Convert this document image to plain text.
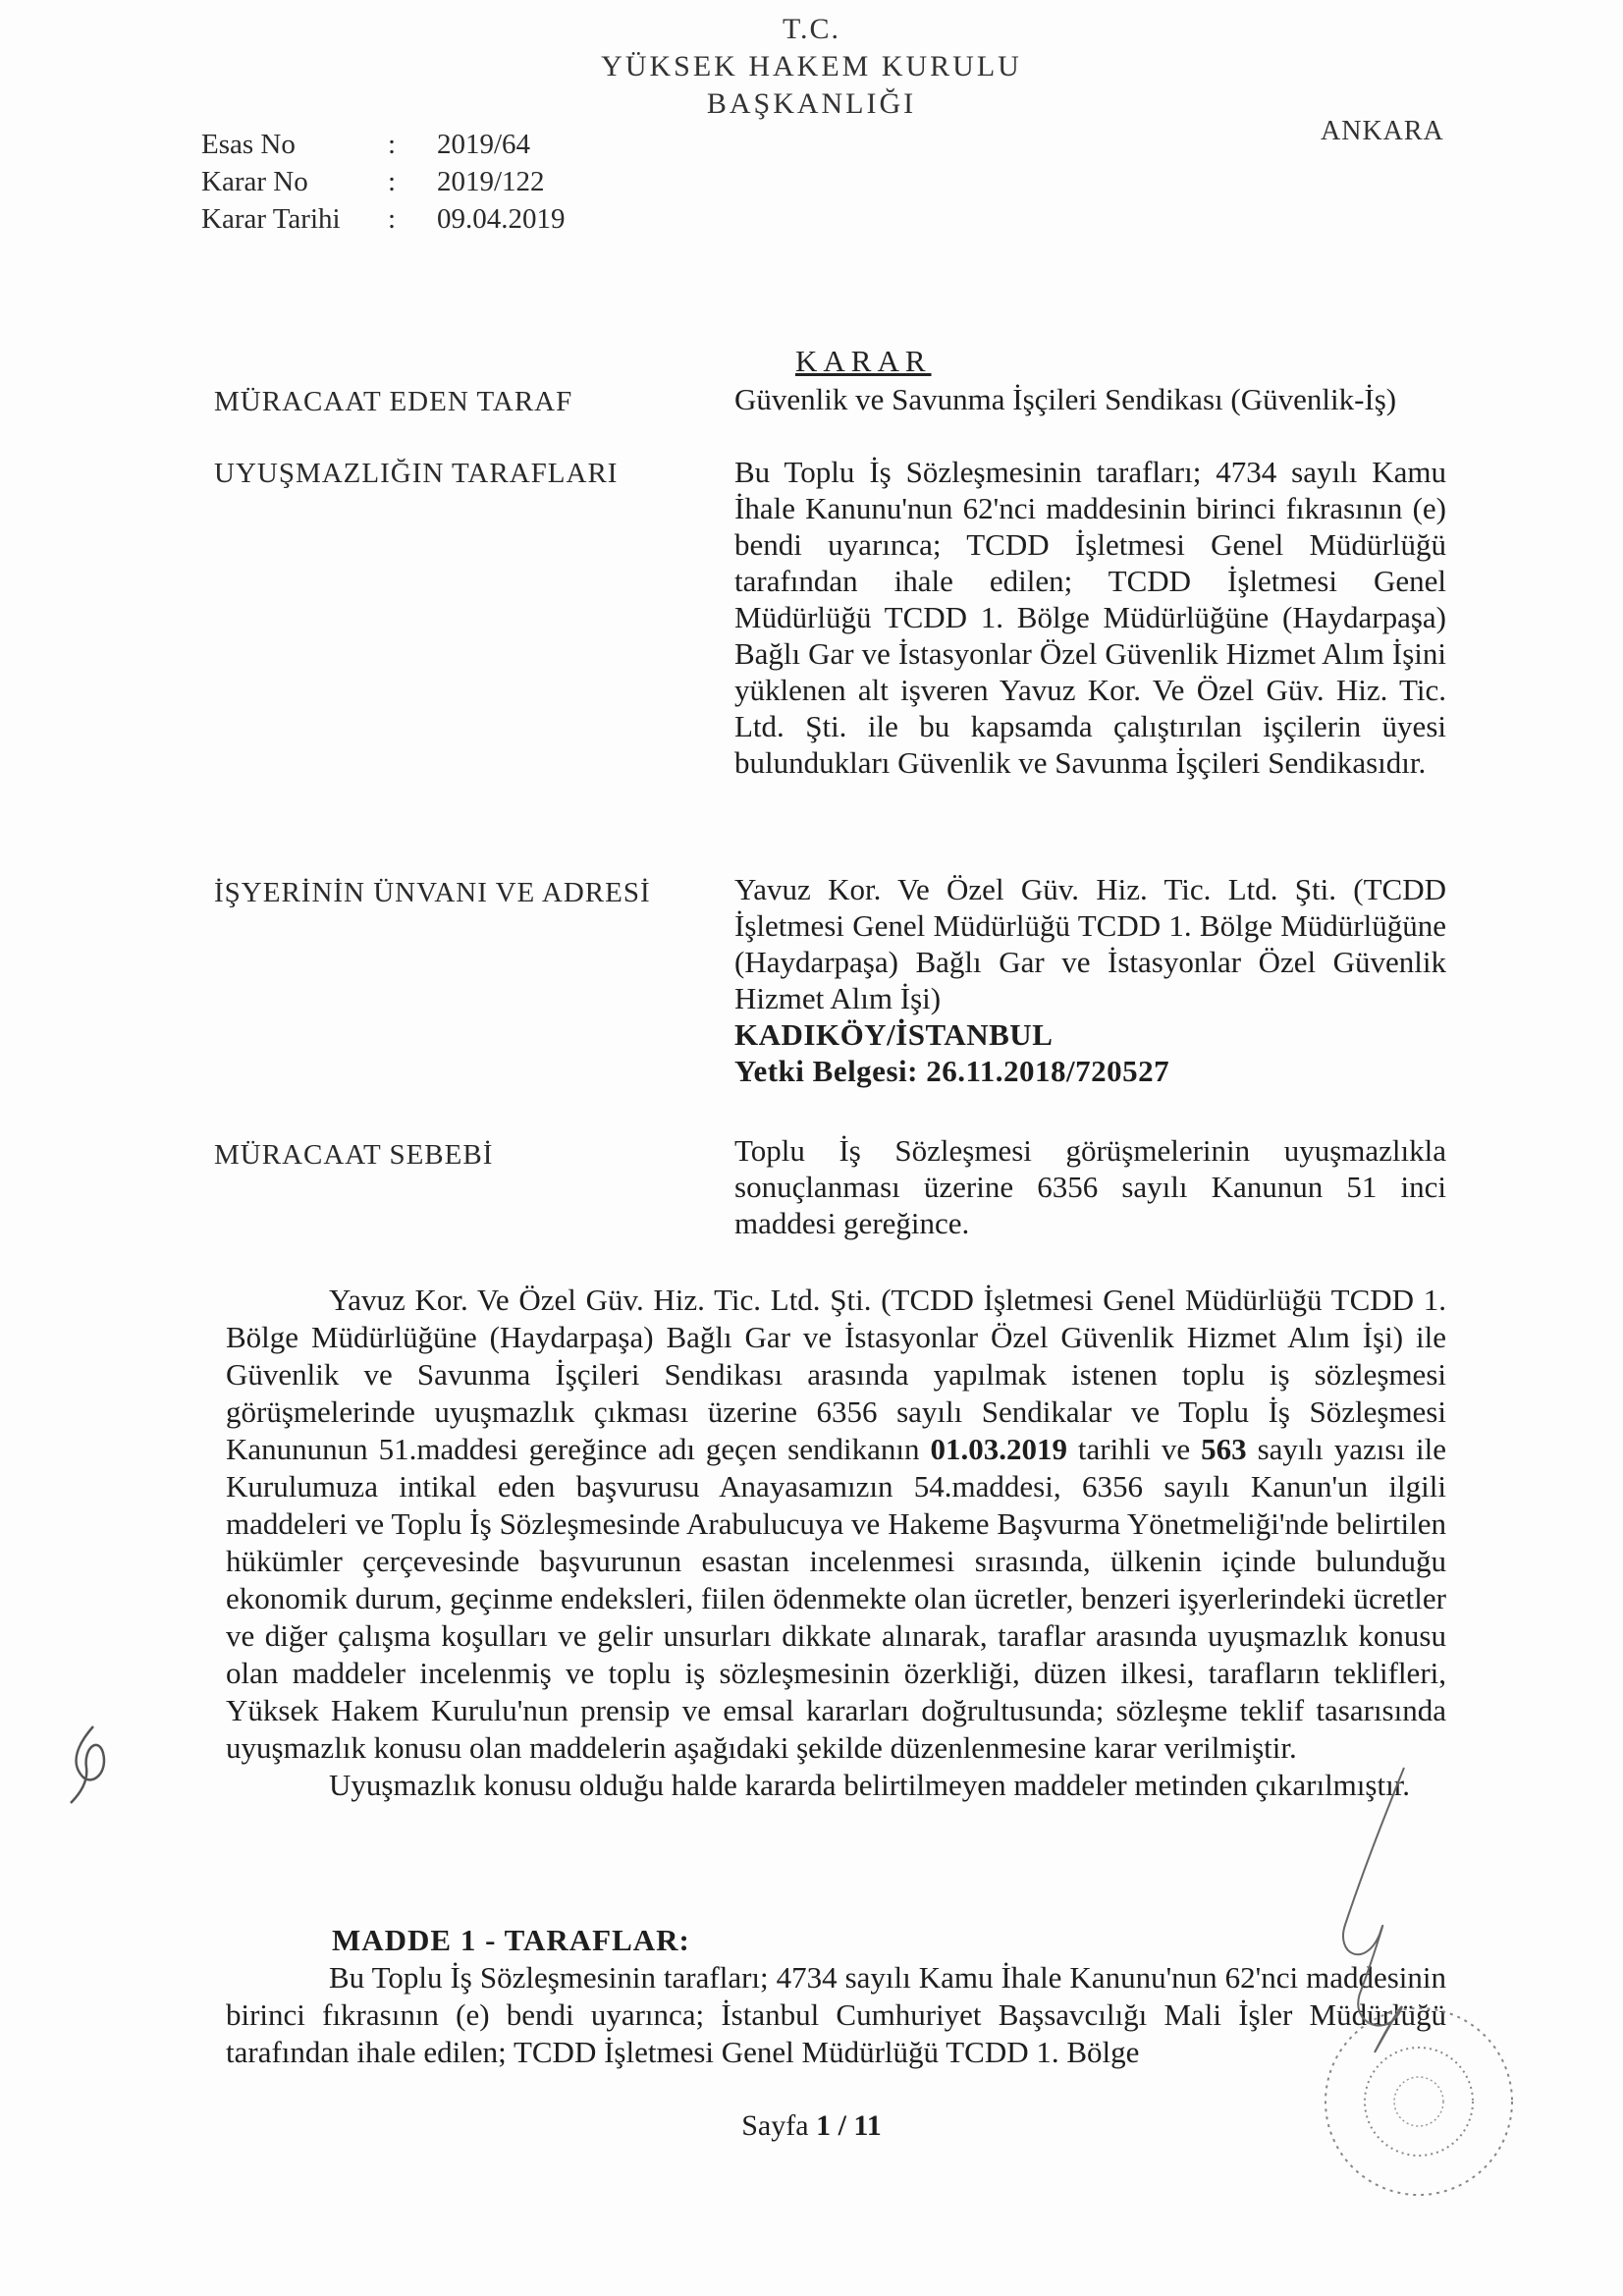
T.C.
YÜKSEK HAKEM KURULU
BAŞKANLIĞI
ANKARA
Esas No	:	2019/64
Karar No	:	2019/122
Karar Tarihi	:	09.04.2019
KARAR
MÜRACAAT EDEN TARAF	Güvenlik ve Savunma İşçileri Sendikası (Güvenlik-İş)
UYUŞMAZLIĞIN TARAFLARI	Bu Toplu İş Sözleşmesinin tarafları; 4734 sayılı Kamu İhale Kanunu'nun 62'nci maddesinin birinci fıkrasının (e) bendi uyarınca; TCDD İşletmesi Genel Müdürlüğü tarafından ihale edilen; TCDD İşletmesi Genel Müdürlüğü TCDD 1. Bölge Müdürlüğüne (Haydarpaşa) Bağlı Gar ve İstasyonlar Özel Güvenlik Hizmet Alım İşini yüklenen alt işveren Yavuz Kor. Ve Özel Güv. Hiz. Tic. Ltd. Şti. ile bu kapsamda çalıştırılan işçilerin üyesi bulundukları Güvenlik ve Savunma İşçileri Sendikasıdır.
İŞYERİNİN ÜNVANI VE ADRESİ	Yavuz Kor. Ve Özel Güv. Hiz. Tic. Ltd. Şti. (TCDD İşletmesi Genel Müdürlüğü TCDD 1. Bölge Müdürlüğüne (Haydarpaşa) Bağlı Gar ve İstasyonlar Özel Güvenlik Hizmet Alım İşi)
KADIKÖY/İSTANBUL
Yetki Belgesi: 26.11.2018/720527
MÜRACAAT SEBEBİ	Toplu İş Sözleşmesi görüşmelerinin uyuşmazlıkla sonuçlanması üzerine 6356 sayılı Kanunun 51 inci maddesi gereğince.

Yavuz Kor. Ve Özel Güv. Hiz. Tic. Ltd. Şti. (TCDD İşletmesi Genel Müdürlüğü TCDD 1. Bölge Müdürlüğüne (Haydarpaşa) Bağlı Gar ve İstasyonlar Özel Güvenlik Hizmet Alım İşi) ile Güvenlik ve Savunma İşçileri Sendikası arasında yapılmak istenen toplu iş sözleşmesi görüşmelerinde uyuşmazlık çıkması üzerine 6356 sayılı Sendikalar ve Toplu İş Sözleşmesi Kanununun 51.maddesi gereğince adı geçen sendikanın 01.03.2019 tarihli ve 563 sayılı yazısı ile Kurulumuza intikal eden başvurusu Anayasamızın 54.maddesi, 6356 sayılı Kanun'un ilgili maddeleri ve Toplu İş Sözleşmesinde Arabulucuya ve Hakeme Başvurma Yönetmeliği'nde belirtilen hükümler çerçevesinde başvurunun esastan incelenmesi sırasında, ülkenin içinde bulunduğu ekonomik durum, geçinme endeksleri, fiilen ödenmekte olan ücretler, benzeri işyerlerindeki ücretler ve diğer çalışma koşulları ve gelir unsurları dikkate alınarak, taraflar arasında uyuşmazlık konusu olan maddeler incelenmiş ve toplu iş sözleşmesinin özerkliği, düzen ilkesi, tarafların teklifleri, Yüksek Hakem Kurulu'nun prensip ve emsal kararları doğrultusunda; sözleşme teklif tasarısında uyuşmazlık konusu olan maddelerin aşağıdaki şekilde düzenlenmesine karar verilmiştir.

Uyuşmazlık konusu olduğu halde kararda belirtilmeyen maddeler metinden çıkarılmıştır.

MADDE 1 - TARAFLAR:
Bu Toplu İş Sözleşmesinin tarafları; 4734 sayılı Kamu İhale Kanunu'nun 62'nci maddesinin birinci fıkrasının (e) bendi uyarınca; İstanbul Cumhuriyet Başsavcılığı Mali İşler Müdürlüğü tarafından ihale edilen; TCDD İşletmesi Genel Müdürlüğü TCDD 1. Bölge
Sayfa 1 / 11
